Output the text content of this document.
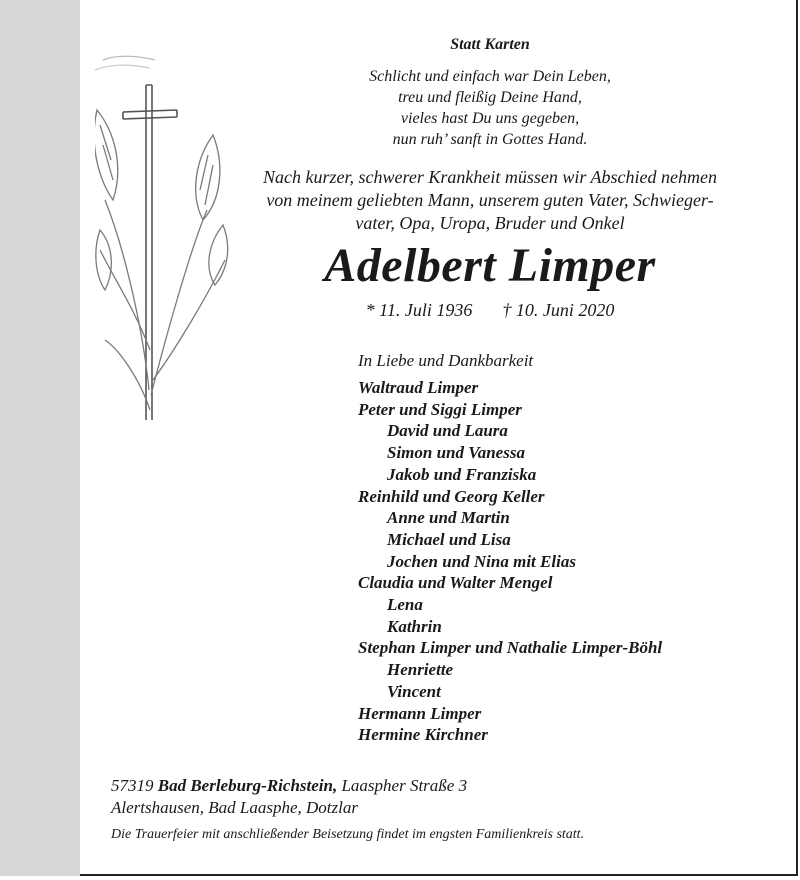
Statt Karten
Schlicht und einfach war Dein Leben,
treu und fleißig Deine Hand,
vieles hast Du uns gegeben,
nun ruh’ sanft in Gottes Hand.
Nach kurzer, schwerer Krankheit müssen wir Abschied nehmen
von meinem geliebten Mann, unserem guten Vater, Schwieger-
vater, Opa, Uropa, Bruder und Onkel
Adelbert Limper
* 11. Juli 1936 † 10. Juni 2020
In Liebe und Dankbarkeit
Waltraud Limper
Peter und Siggi Limper
David und Laura
Simon und Vanessa
Jakob und Franziska
Reinhild und Georg Keller
Anne und Martin
Michael und Lisa
Jochen und Nina mit Elias
Claudia und Walter Mengel
Lena
Kathrin
Stephan Limper und Nathalie Limper-Böhl
Henriette
Vincent
Hermann Limper
Hermine Kirchner
57319 Bad Berleburg-Richstein, Laaspher Straße 3
Alertshausen, Bad Laasphe, Dotzlar
Die Trauerfeier mit anschließender Beisetzung findet im engsten Familienkreis statt.
